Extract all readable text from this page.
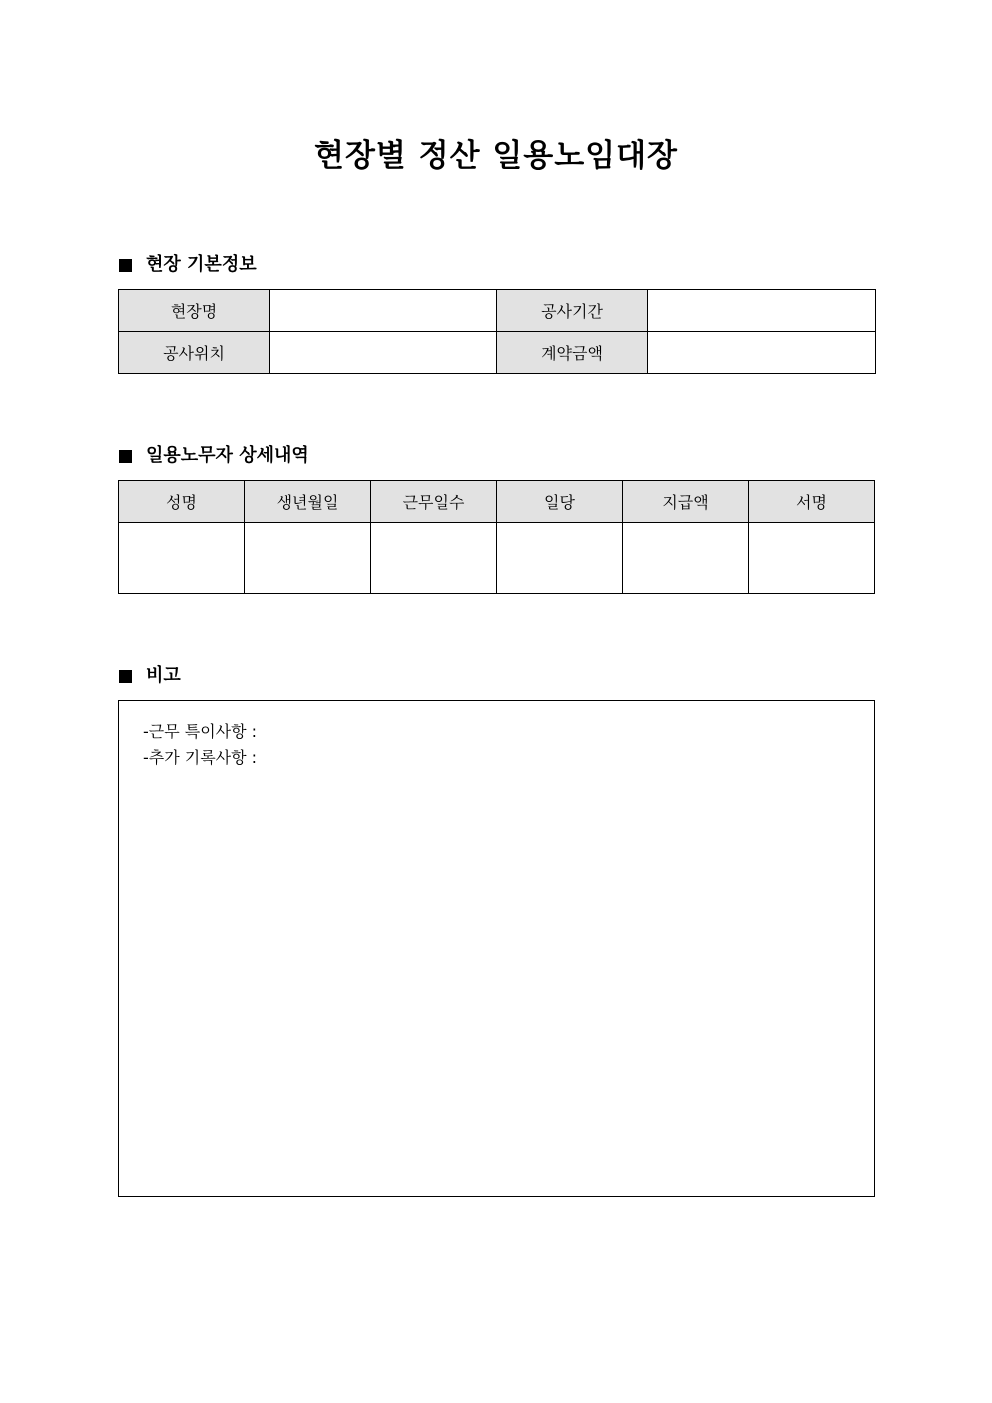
현장별 정산 일용노임대장
현장 기본정보
현장명		공사기간	
공사위치		계약금액	
일용노무자 상세내역
성명	생년월일	근무일수	일당	지급액	서명

비고
-근무 특이사항 :
-추가 기록사항 :
